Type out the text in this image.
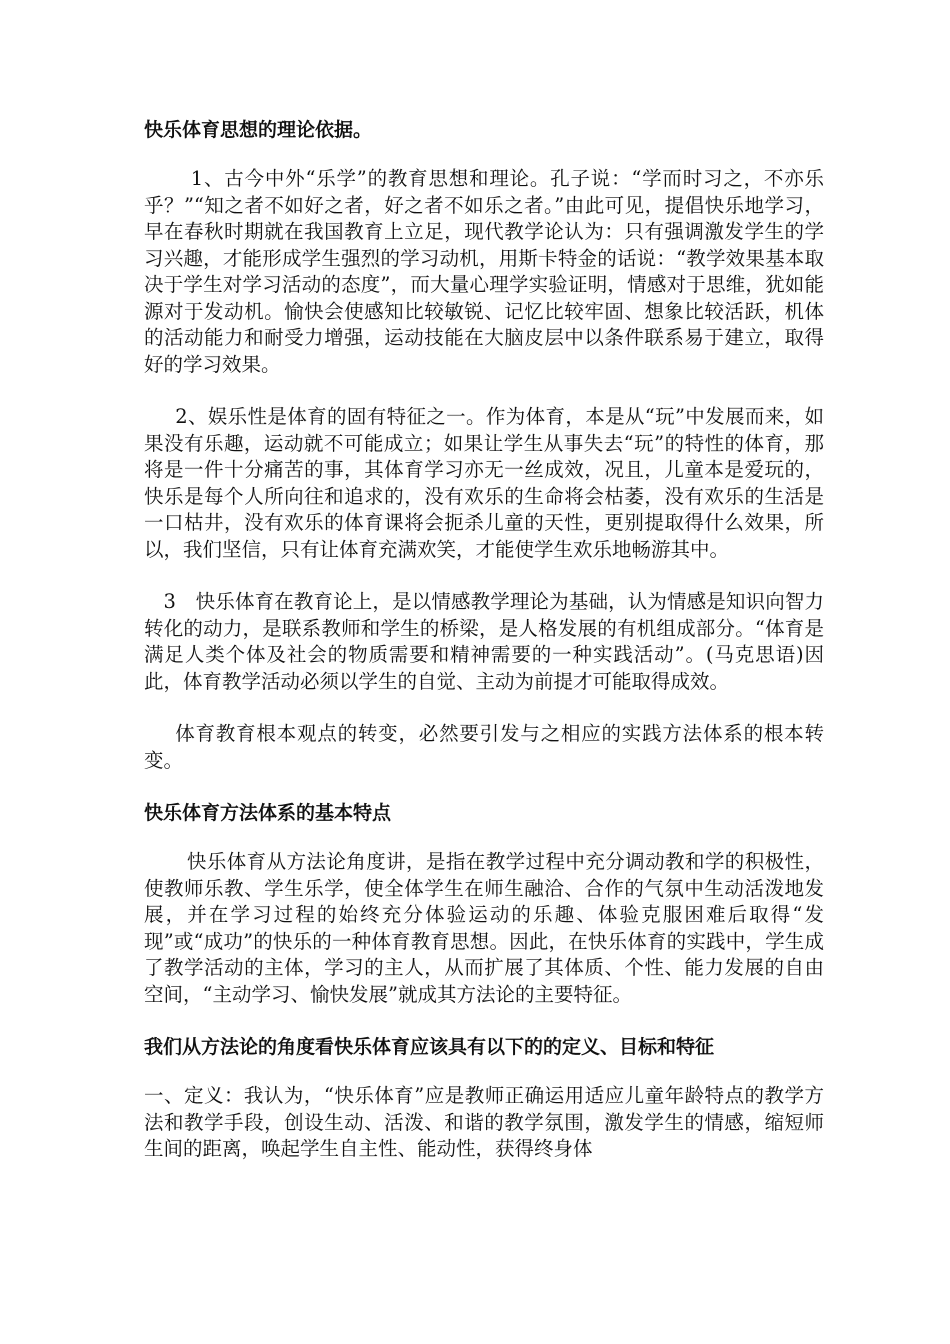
快乐体育思想的理论依据。

1、古今中外“乐学”的教育思想和理论。孔子说：“学而时习之，不亦乐乎？”“知之者不如好之者，好之者不如乐之者。”由此可见，提倡快乐地学习，早在春秋时期就在我国教育上立足，现代教学论认为：只有强调激发学生的学习兴趣，才能形成学生强烈的学习动机，用斯卡特金的话说：“教学效果基本取决于学生对学习活动的态度”，而大量心理学实验证明，情感对于思维，犹如能源对于发动机。愉快会使感知比较敏锐、记忆比较牢固、想象比较活跃，机体的活动能力和耐受力增强，运动技能在大脑皮层中以条件联系易于建立，取得好的学习效果。

2、娱乐性是体育的固有特征之一。作为体育，本是从“玩”中发展而来，如果没有乐趣，运动就不可能成立；如果让学生从事失去“玩”的特性的体育，那将是一件十分痛苦的事，其体育学习亦无一丝成效，况且，儿童本是爱玩的，快乐是每个人所向往和追求的，没有欢乐的生命将会枯萎，没有欢乐的生活是一口枯井，没有欢乐的体育课将会扼杀儿童的天性，更别提取得什么效果，所以，我们坚信，只有让体育充满欢笑，才能使学生欢乐地畅游其中。

3　快乐体育在教育论上，是以情感教学理论为基础，认为情感是知识向智力转化的动力，是联系教师和学生的桥梁，是人格发展的有机组成部分。“体育是满足人类个体及社会的物质需要和精神需要的一种实践活动”。(马克思语)因此，体育教学活动必须以学生的自觉、主动为前提才可能取得成效。

体育教育根本观点的转变，必然要引发与之相应的实践方法体系的根本转变。

快乐体育方法体系的基本特点

快乐体育从方法论角度讲，是指在教学过程中充分调动教和学的积极性，使教师乐教、学生乐学，使全体学生在师生融洽、合作的气氛中生动活泼地发展，并在学习过程的始终充分体验运动的乐趣、体验克服困难后取得“发现”或“成功”的快乐的一种体育教育思想。因此，在快乐体育的实践中，学生成了教学活动的主体，学习的主人，从而扩展了其体质、个性、能力发展的自由空间，“主动学习、愉快发展”就成其方法论的主要特征。

我们从方法论的角度看快乐体育应该具有以下的的定义、目标和特征

一、定义：我认为，“快乐体育”应是教师正确运用适应儿童年龄特点的教学方法和教学手段，创设生动、活泼、和谐的教学氛围，激发学生的情感，缩短师生间的距离，唤起学生自主性、能动性，获得终身体
